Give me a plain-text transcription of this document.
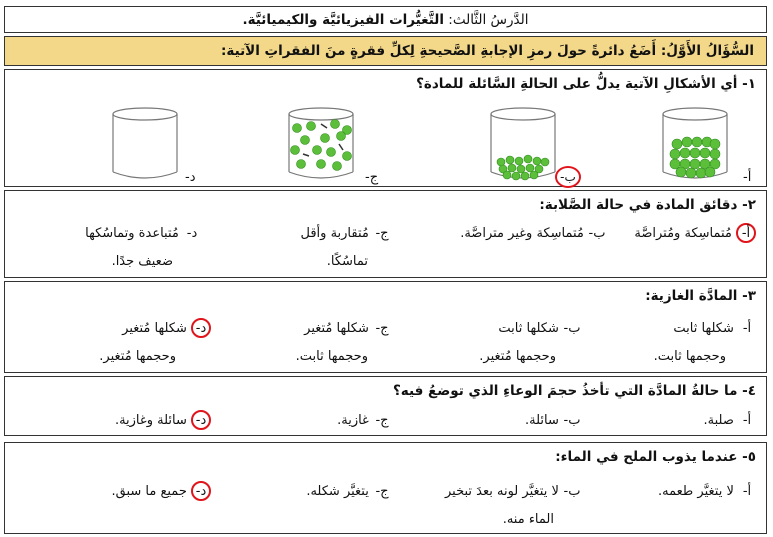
الدَّرسُ الثَّالث: التَّغيُّرات الفيزيائيَّة والكيميائيَّة.
السُّؤَالُ الأَوَّلُ: أَضَعُ دائرةً حولَ رمزِ الإجابةِ الصَّحيحةِ لِكلِّ فقرةٍ منَ الفقراتِ الآتية:
١- أي الأشكالِ الآتية يدلُّ على الحالةِ السَّائلة للمادة؟
أ-
ب-
ج-
د-
٢- دقائق المادة في حالة الصَّلابة:
أ- مُتماسِكة ومُتراصَّة
ب- مُتماسِكة وغير متراصَّة.
ج- مُتقاربة وأقل
تماسُكًا.
د- مُتباعدة وتماسُكها
ضعيف جدًا.
٣- المادَّة الغازية:
أ- شكلها ثابت
وحجمها ثابت.
ب- شكلها ثابت
وحجمها مُتغير.
ج- شكلها مُتغير
وحجمها ثابت.
د- شكلها مُتغير
وحجمها مُتغير.
٤- ما حالةُ المادَّة التي تأخذُ حجمَ الوعاءِ الذي توضعُ فيه؟
أ- صلبة.
ب- سائلة.
ج- غازية.
د- سائلة وغازية.
٥- عندما يذوب الملح في الماء:
أ- لا يتغيَّر طعمه.
ب- لا يتغيَّر لونه بعدَ تبخير
الماء منه.
ج- يتغيَّر شكله.
د- جميع ما سبق.
